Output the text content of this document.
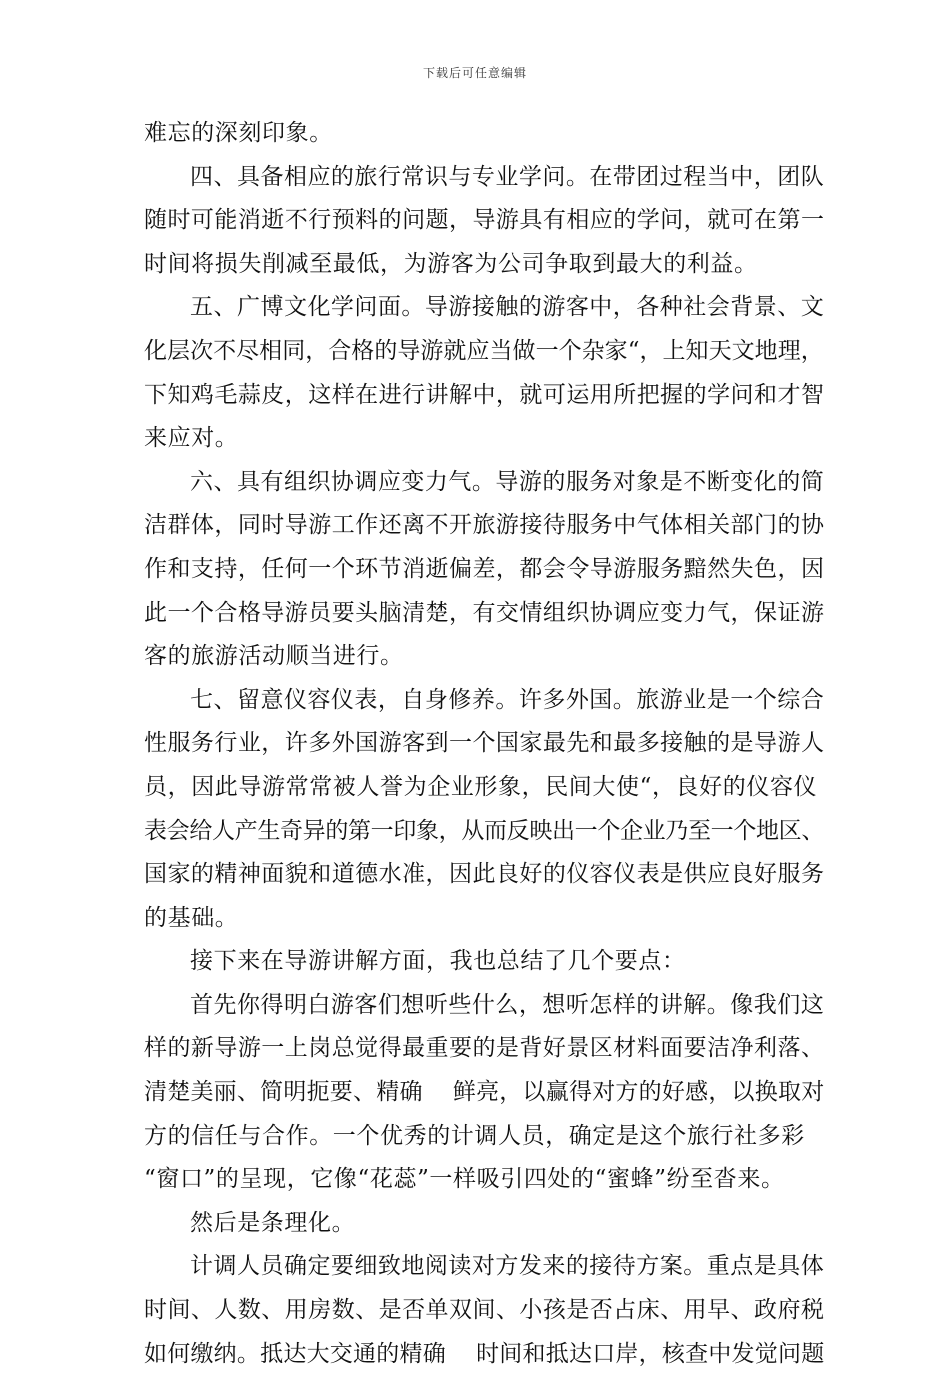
下载后可任意编辑
难忘的深刻印象。
四、具备相应的旅行常识与专业学问。在带团过程当中，团队
随时可能消逝不行预料的问题，导游具有相应的学问，就可在第一
时间将损失削减至最低，为游客为公司争取到最大的利益。
五、广博文化学问面。导游接触的游客中，各种社会背景、文
化层次不尽相同，合格的导游就应当做一个杂家“，上知天文地理，
下知鸡毛蒜皮，这样在进行讲解中，就可运用所把握的学问和才智
来应对。
六、具有组织协调应变力气。导游的服务对象是不断变化的简
洁群体，同时导游工作还离不开旅游接待服务中气体相关部门的协
作和支持，任何一个环节消逝偏差，都会令导游服务黯然失色，因
此一个合格导游员要头脑清楚，有交情组织协调应变力气，保证游
客的旅游活动顺当进行。
七、留意仪容仪表，自身修养。许多外国。旅游业是一个综合
性服务行业，许多外国游客到一个国家最先和最多接触的是导游人
员，因此导游常常被人誉为企业形象，民间大使“，良好的仪容仪
表会给人产生奇异的第一印象，从而反映出一个企业乃至一个地区、
国家的精神面貌和道德水准，因此良好的仪容仪表是供应良好服务
的基础。
接下来在导游讲解方面，我也总结了几个要点：
首先你得明白游客们想听些什么，想听怎样的讲解。像我们这
样的新导游一上岗总觉得最重要的是背好景区材料面要洁净利落、
清楚美丽、简明扼要、精确    鲜亮，以赢得对方的好感，以换取对
方的信任与合作。一个优秀的计调人员，确定是这个旅行社多彩
“窗口”的呈现，它像“花蕊”一样吸引四处的“蜜蜂”纷至沓来。
然后是条理化。
计调人员确定要细致地阅读对方发来的接待方案。重点是具体
时间、人数、用房数、是否单双间、小孩是否占床、用早、政府税
如何缴纳。抵达大交通的精确    时间和抵达口岸，核查中发觉问题
